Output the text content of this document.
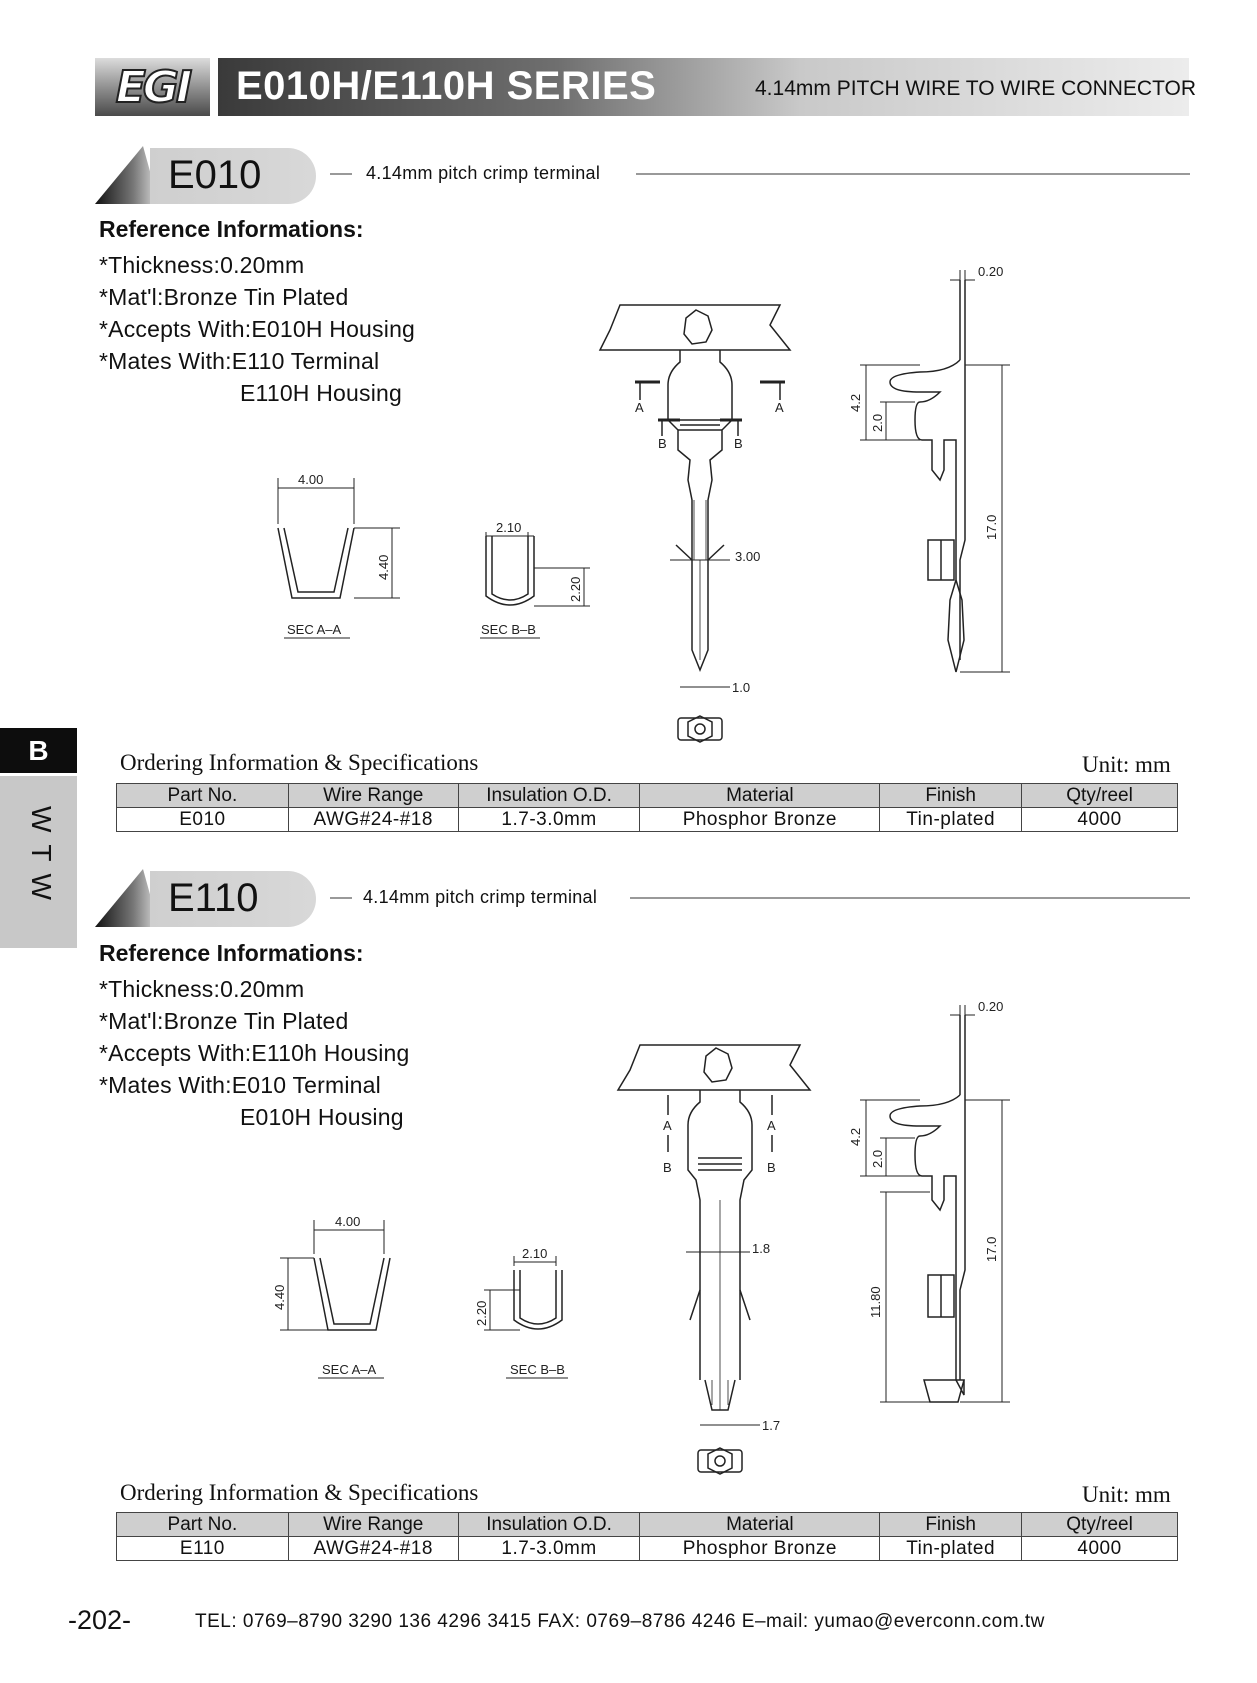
EGI E010H/E110H SERIES	4.14mm PITCH WIRE TO WIRE CONNECTOR
B
WTW
E010	4.14mm pitch crimp terminal
Reference Informations:
*Thickness:0.20mm
*Mat'l:Bronze Tin Plated
*Accepts With:E010H Housing
*Mates With:E110 Terminal
E110H Housing
4.00
4.40
SEC A–A
2.10
2.20
SEC B–B
A	A
B	B
3.00
1.0
0.20
4.2
2.0
17.0
Ordering Information & Specifications	Unit: mm
Part No.	Wire Range	Insulation O.D.	Material	Finish	Qty/reel
E010	AWG#24-#18	1.7-3.0mm	Phosphor Bronze	Tin-plated	4000
E110	4.14mm pitch crimp terminal
Reference Informations:
*Thickness:0.20mm
*Mat'l:Bronze Tin Plated
*Accepts With:E110h Housing
*Mates With:E010 Terminal
E010H Housing
4.00
4.40
SEC A–A
2.10
2.20
SEC B–B
A	A
B	B
1.8
1.7
0.20
4.2
2.0
11.80
17.0
Ordering Information & Specifications	Unit: mm
Part No.	Wire Range	Insulation O.D.	Material	Finish	Qty/reel
E110	AWG#24-#18	1.7-3.0mm	Phosphor Bronze	Tin-plated	4000
-202-	TEL: 0769–8790 3290 136 4296 3415 FAX: 0769–8786 4246 E–mail: yumao@everconn.com.tw
